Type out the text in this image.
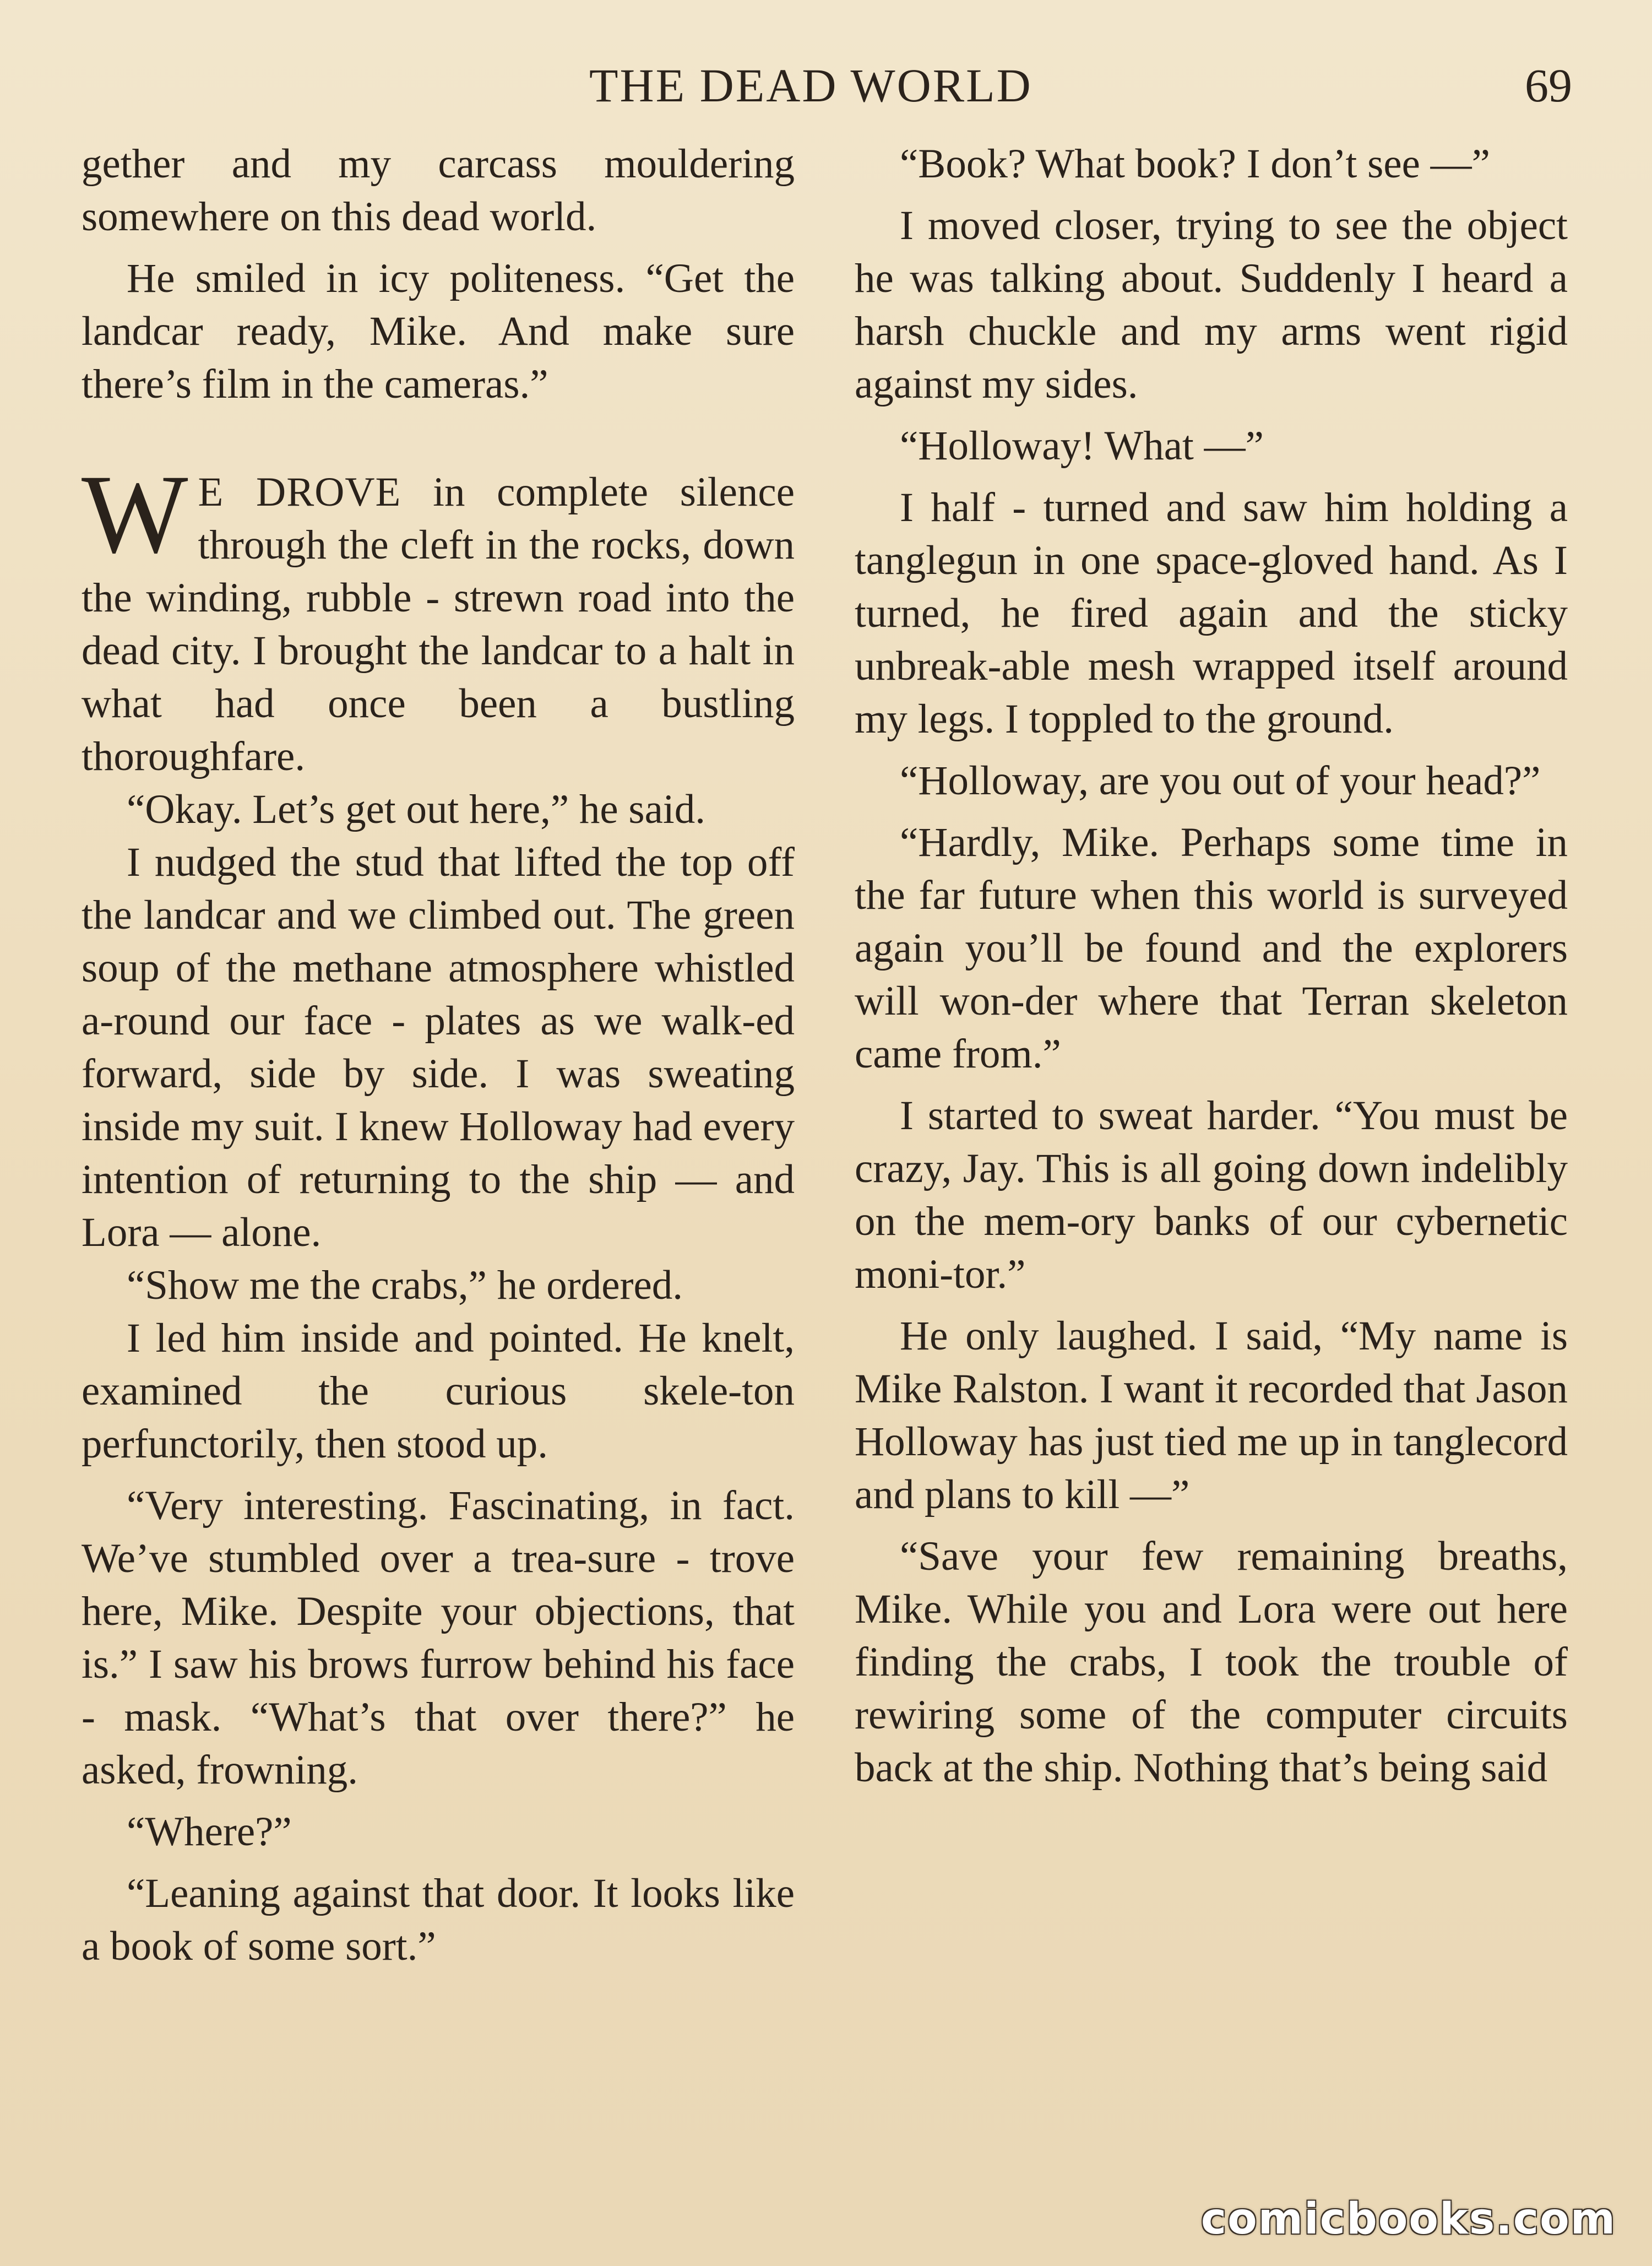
THE DEAD WORLD	69

gether and my carcass mouldering somewhere on this dead world.

He smiled in icy politeness. “Get the landcar ready, Mike. And make sure there’s film in the cameras.”

W E DROVE in complete silence through the cleft in the rocks, down the winding, rubble - strewn road into the dead city. I brought the landcar to a halt in what had once been a bustling thoroughfare.

“Okay. Let’s get out here,” he said.

I nudged the stud that lifted the top off the landcar and we climbed out. The green soup of the methane atmosphere whistled a-round our face - plates as we walk-ed forward, side by side. I was sweating inside my suit. I knew Holloway had every intention of returning to the ship — and Lora — alone.

“Show me the crabs,” he ordered.

I led him inside and pointed. He knelt, examined the curious skele-ton perfunctorily, then stood up.

“Very interesting. Fascinating, in fact. We’ve stumbled over a trea-sure - trove here, Mike. Despite your objections, that is.” I saw his brows furrow behind his face - mask. “What’s that over there?” he asked, frowning.

“Where?”

“Leaning against that door. It looks like a book of some sort.”

“Book? What book? I don’t see —”

I moved closer, trying to see the object he was talking about. Suddenly I heard a harsh chuckle and my arms went rigid against my sides.

“Holloway! What —”

I half - turned and saw him holding a tanglegun in one space-gloved hand. As I turned, he fired again and the sticky unbreak-able mesh wrapped itself around my legs. I toppled to the ground.

“Holloway, are you out of your head?”

“Hardly, Mike. Perhaps some time in the far future when this world is surveyed again you’ll be found and the explorers will won-der where that Terran skeleton came from.”

I started to sweat harder. “You must be crazy, Jay. This is all going down indelibly on the mem-ory banks of our cybernetic moni-tor.”

He only laughed. I said, “My name is Mike Ralston. I want it recorded that Jason Holloway has just tied me up in tanglecord and plans to kill —”

“Save your few remaining breaths, Mike. While you and Lora were out here finding the crabs, I took the trouble of rewiring some of the computer circuits back at the ship. Nothing that’s being said

comicbooks.com
